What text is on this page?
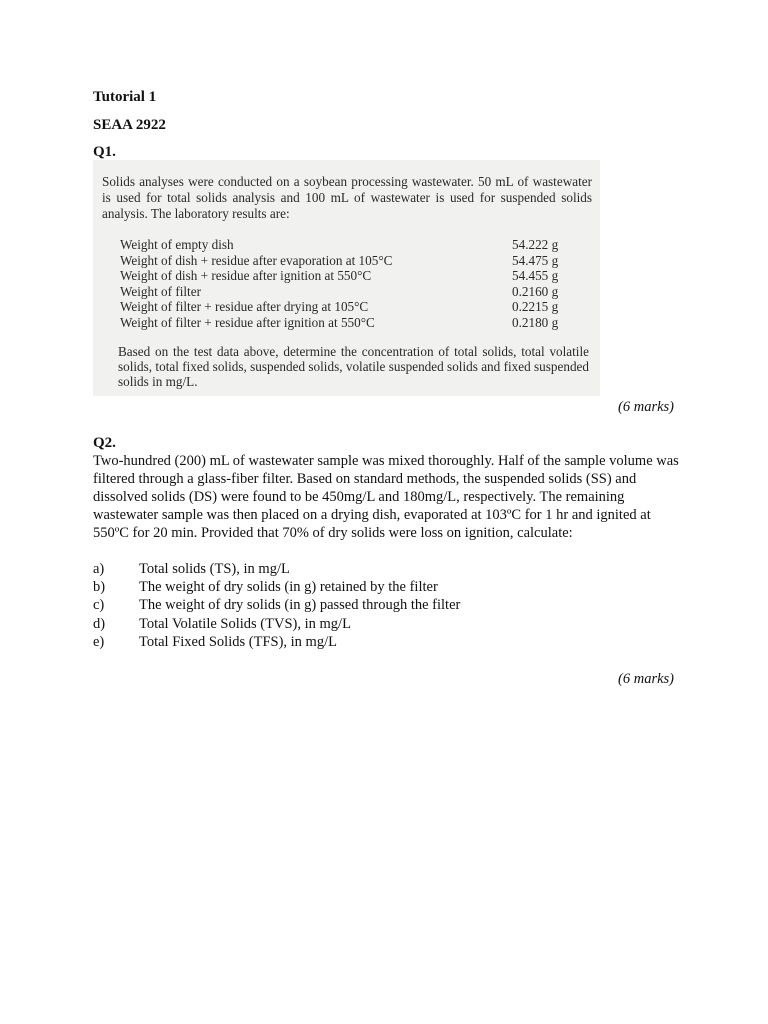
Tutorial 1
SEAA 2922
Q1.
Solids analyses were conducted on a soybean processing wastewater. 50 mL of wastewater is used for total solids analysis and 100 mL of wastewater is used for suspended solids analysis. The laboratory results are:
Weight of empty dish	54.222 g
Weight of dish + residue after evaporation at 105°C	54.475 g
Weight of dish + residue after ignition at 550°C	54.455 g
Weight of filter	0.2160 g
Weight of filter + residue after drying at 105°C	0.2215 g
Weight of filter + residue after ignition at 550°C	0.2180 g
Based on the test data above, determine the concentration of total solids, total volatile solids, total fixed solids, suspended solids, volatile suspended solids and fixed suspended solids in mg/L.
(6 marks)
Q2.
Two-hundred (200) mL of wastewater sample was mixed thoroughly. Half of the sample volume was filtered through a glass-fiber filter. Based on standard methods, the suspended solids (SS) and dissolved solids (DS) were found to be 450mg/L and 180mg/L, respectively. The remaining wastewater sample was then placed on a drying dish, evaporated at 103ºC for 1 hr and ignited at 550ºC for 20 min. Provided that 70% of dry solids were loss on ignition, calculate:
a)	Total solids (TS), in mg/L
b)	The weight of dry solids (in g) retained by the filter
c)	The weight of dry solids (in g) passed through the filter
d)	Total Volatile Solids (TVS), in mg/L
e)	Total Fixed Solids (TFS), in mg/L
(6 marks)
